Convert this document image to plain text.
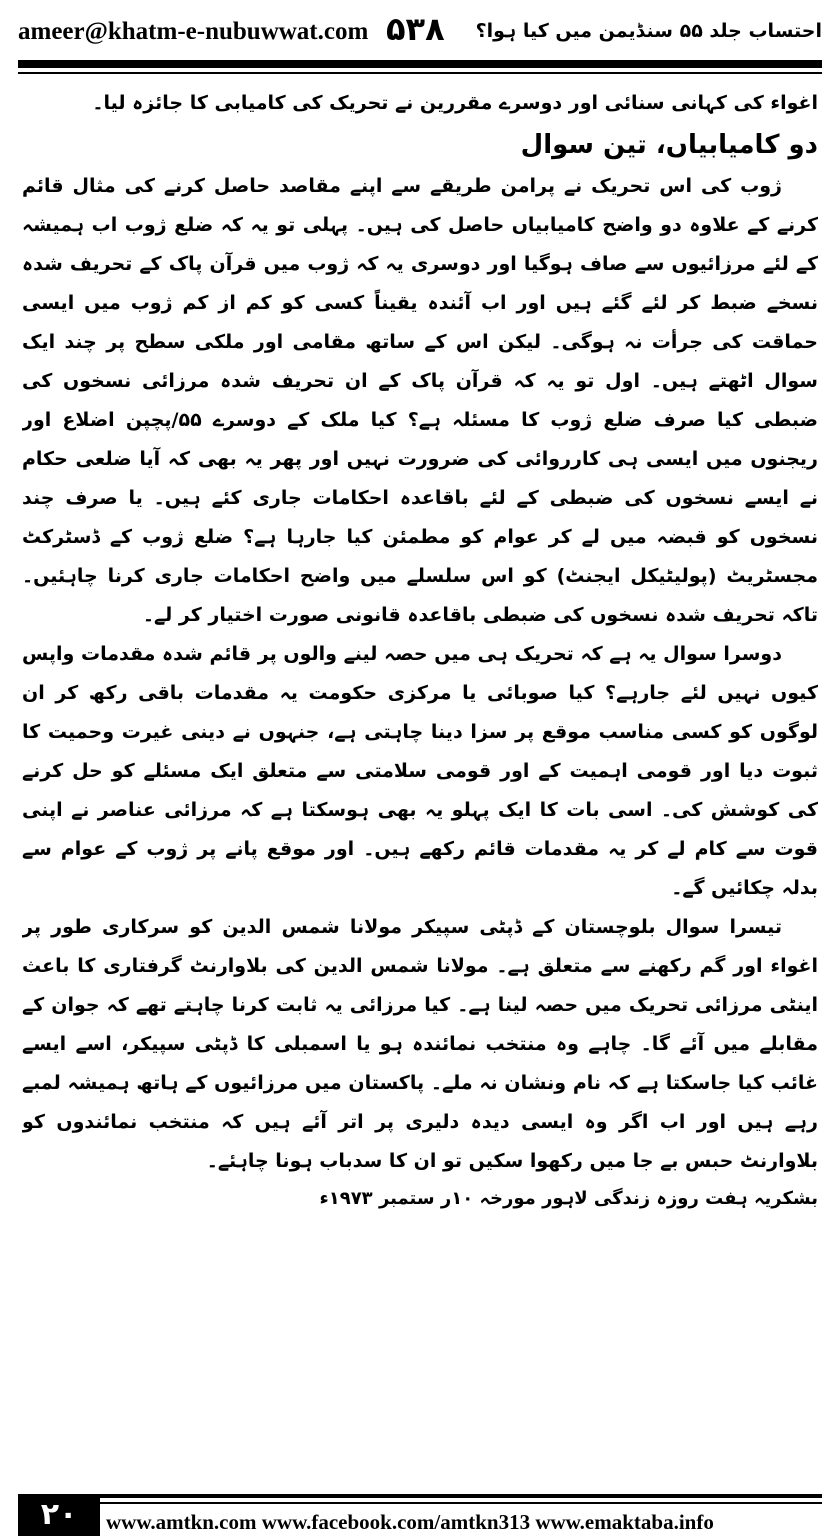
ameer@khatm-e-nubuwwat.com ۵۳۸ احتساب جلد ۵۵ سنڈیمن میں کیا ہوا؟

اغواء کی کہانی سنائی اور دوسرے مقررین نے تحریک کی کامیابی کا جائزہ لیا۔

دو کامیابیاں، تین سوال

ژوب کی اس تحریک نے پرامن طریقے سے اپنے مقاصد حاصل کرنے کی مثال قائم کرنے کے علاوہ دو واضح کامیابیاں حاصل کی ہیں۔ پہلی تو یہ کہ ضلع ژوب اب ہمیشہ کے لئے مرزائیوں سے صاف ہوگیا اور دوسری یہ کہ ژوب میں قرآن پاک کے تحریف شدہ نسخے ضبط کر لئے گئے ہیں اور اب آئندہ یقیناً کسی کو کم از کم ژوب میں ایسی حماقت کی جرأت نہ ہوگی۔ لیکن اس کے ساتھ مقامی اور ملکی سطح پر چند ایک سوال اٹھتے ہیں۔ اول تو یہ کہ قرآن پاک کے ان تحریف شدہ مرزائی نسخوں کی ضبطی کیا صرف ضلع ژوب کا مسئلہ ہے؟ کیا ملک کے دوسرے ۵۵/پچپن اضلاع اور ریجنوں میں ایسی ہی کارروائی کی ضرورت نہیں اور پھر یہ بھی کہ آیا ضلعی حکام نے ایسے نسخوں کی ضبطی کے لئے باقاعدہ احکامات جاری کئے ہیں۔ یا صرف چند نسخوں کو قبضہ میں لے کر عوام کو مطمئن کیا جارہا ہے؟ ضلع ژوب کے ڈسٹرکٹ مجسٹریٹ (پولیٹیکل ایجنٹ) کو اس سلسلے میں واضح احکامات جاری کرنا چاہئیں۔ تاکہ تحریف شدہ نسخوں کی ضبطی باقاعدہ قانونی صورت اختیار کر لے۔

دوسرا سوال یہ ہے کہ تحریک ہی میں حصہ لینے والوں پر قائم شدہ مقدمات واپس کیوں نہیں لئے جارہے؟ کیا صوبائی یا مرکزی حکومت یہ مقدمات باقی رکھ کر ان لوگوں کو کسی مناسب موقع پر سزا دینا چاہتی ہے، جنہوں نے دینی غیرت وحمیت کا ثبوت دیا اور قومی اہمیت کے اور قومی سلامتی سے متعلق ایک مسئلے کو حل کرنے کی کوشش کی۔ اسی بات کا ایک پہلو یہ بھی ہوسکتا ہے کہ مرزائی عناصر نے اپنی قوت سے کام لے کر یہ مقدمات قائم رکھے ہیں۔ اور موقع پانے پر ژوب کے عوام سے بدلہ چکائیں گے۔

تیسرا سوال بلوچستان کے ڈپٹی سپیکر مولانا شمس الدین کو سرکاری طور پر اغواء اور گم رکھنے سے متعلق ہے۔ مولانا شمس الدین کی بلاوارنٹ گرفتاری کا باعث اینٹی مرزائی تحریک میں حصہ لینا ہے۔ کیا مرزائی یہ ثابت کرنا چاہتے تھے کہ جوان کے مقابلے میں آئے گا۔ چاہے وہ منتخب نمائندہ ہو یا اسمبلی کا ڈپٹی سپیکر، اسے ایسے غائب کیا جاسکتا ہے کہ نام ونشان نہ ملے۔ پاکستان میں مرزائیوں کے ہاتھ ہمیشہ لمبے رہے ہیں اور اب اگر وہ ایسی دیدہ دلیری پر اتر آئے ہیں کہ منتخب نمائندوں کو بلاوارنٹ حبس بے جا میں رکھوا سکیں تو ان کا سدباب ہونا چاہئے۔

بشکریہ ہفت روزہ زندگی لاہور مورخہ ۱۰ر ستمبر ۱۹۷۳ء

۲۰	www.amtkn.com www.facebook.com/amtkn313 www.emaktaba.info
